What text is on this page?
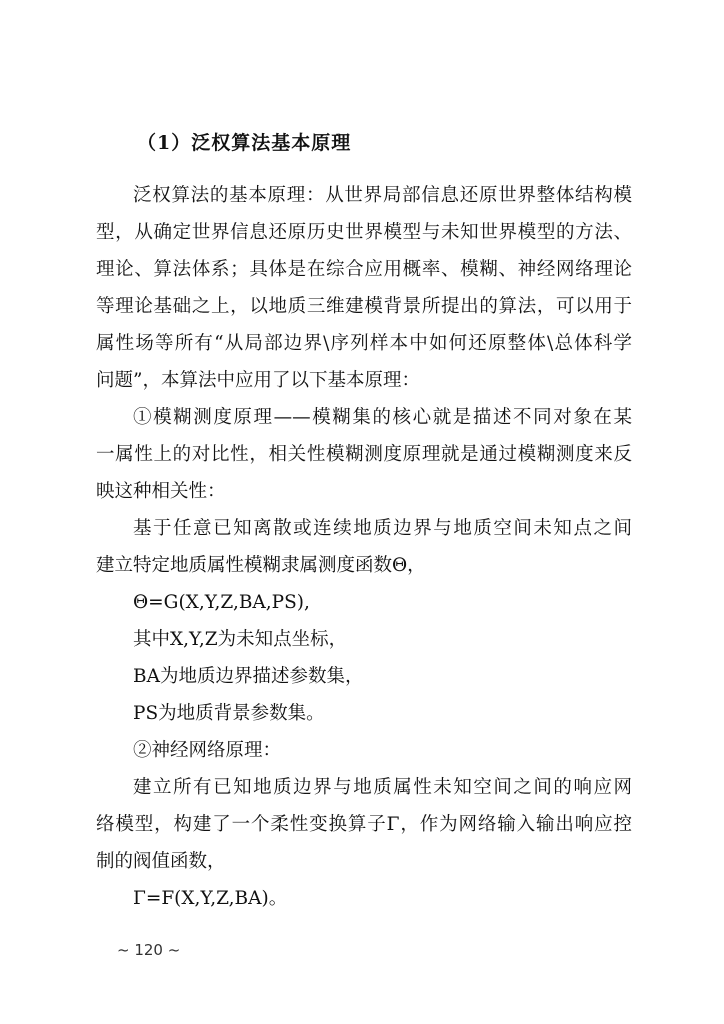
（1）泛权算法基本原理
泛权算法的基本原理：从世界局部信息还原世界整体结构模
型，从确定世界信息还原历史世界模型与未知世界模型的方法、
理论、算法体系；具体是在综合应用概率、模糊、神经网络理论
等理论基础之上，以地质三维建模背景所提出的算法，可以用于
属性场等所有“从局部边界\序列样本中如何还原整体\总体科学
问题”，本算法中应用了以下基本原理：
①模糊测度原理——模糊集的核心就是描述不同对象在某
一属性上的对比性，相关性模糊测度原理就是通过模糊测度来反
映这种相关性：
基于任意已知离散或连续地质边界与地质空间未知点之间
建立特定地质属性模糊隶属测度函数Θ，
Θ=G(X,Y,Z,BA,PS),
其中X,Y,Z为未知点坐标，
BA为地质边界描述参数集，
PS为地质背景参数集。
②神经网络原理：
建立所有已知地质边界与地质属性未知空间之间的响应网
络模型，构建了一个柔性变换算子Γ，作为网络输入输出响应控
制的阀值函数，
Γ=F(X,Y,Z,BA)。
~ 120 ~
